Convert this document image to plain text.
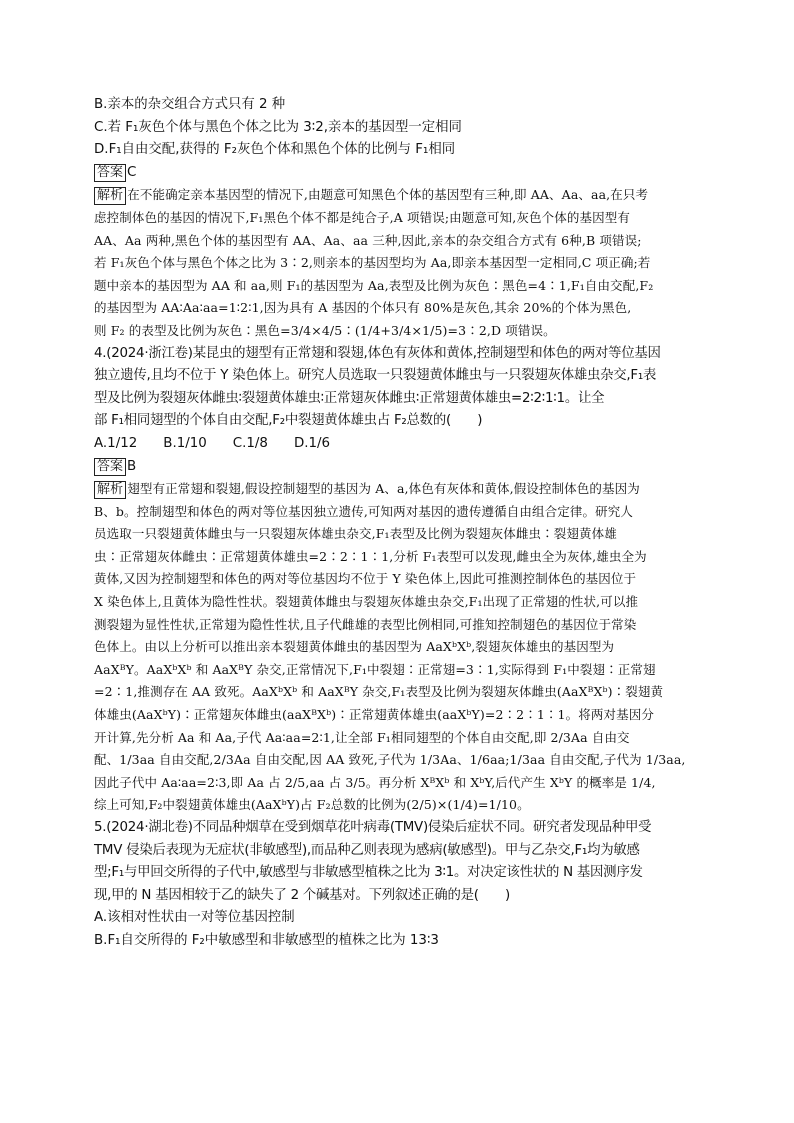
B.亲本的杂交组合方式只有 2 种

C.若 F₁灰色个体与黑色个体之比为 3∶2,亲本的基因型一定相同

D.F₁自由交配,获得的 F₂灰色个体和黑色个体的比例与 F₁相同

答案 C

解析 在不能确定亲本基因型的情况下,由题意可知黑色个体的基因型有三种,即 AA、Aa、aa,在只考

虑控制体色的基因的情况下,F₁黑色个体不都是纯合子,A 项错误;由题意可知,灰色个体的基因型有

AA、Aa 两种,黑色个体的基因型有 AA、Aa、aa 三种,因此,亲本的杂交组合方式有 6种,B 项错误;

若 F₁灰色个体与黑色个体之比为 3∶2,则亲本的基因型均为 Aa,即亲本基因型一定相同,C 项正确;若

题中亲本的基因型为 AA 和 aa,则 F₁的基因型为 Aa,表型及比例为灰色∶黑色=4∶1,F₁自由交配,F₂

的基因型为 AA∶Aa∶aa=1∶2∶1,因为具有 A 基因的个体只有 80%是灰色,其余 20%的个体为黑色,

则 F₂ 的表型及比例为灰色∶黑色=3/4×4/5∶(1/4+3/4×1/5)=3∶2,D 项错误。

4.(2024·浙江卷)某昆虫的翅型有正常翅和裂翅,体色有灰体和黄体,控制翅型和体色的两对等位基因

独立遗传,且均不位于 Y 染色体上。研究人员选取一只裂翅黄体雌虫与一只裂翅灰体雄虫杂交,F₁表

型及比例为裂翅灰体雌虫∶裂翅黄体雄虫∶正常翅灰体雌虫∶正常翅黄体雄虫=2∶2∶1∶1。让全

部 F₁相同翅型的个体自由交配,F₂中裂翅黄体雄虫占 F₂总数的(　　)

A.1/12 B.1/10 C.1/8 D.1/6

答案 B

解析 翅型有正常翅和裂翅,假设控制翅型的基因为 A、a,体色有灰体和黄体,假设控制体色的基因为

B、b。控制翅型和体色的两对等位基因独立遗传,可知两对基因的遗传遵循自由组合定律。研究人

员选取一只裂翅黄体雌虫与一只裂翅灰体雄虫杂交,F₁表型及比例为裂翅灰体雌虫∶裂翅黄体雄

虫∶正常翅灰体雌虫∶正常翅黄体雄虫=2∶2∶1∶1,分析 F₁表型可以发现,雌虫全为灰体,雄虫全为

黄体,又因为控制翅型和体色的两对等位基因均不位于 Y 染色体上,因此可推测控制体色的基因位于

X 染色体上,且黄体为隐性性状。裂翅黄体雌虫与裂翅灰体雄虫杂交,F₁出现了正常翅的性状,可以推

测裂翅为显性性状,正常翅为隐性性状,且子代雌雄的表型比例相同,可推知控制翅色的基因位于常染

色体上。由以上分析可以推出亲本裂翅黄体雌虫的基因型为 AaXᵇXᵇ,裂翅灰体雄虫的基因型为

AaXᴮY。AaXᵇXᵇ 和 AaXᴮY 杂交,正常情况下,F₁中裂翅∶正常翅=3∶1,实际得到 F₁中裂翅∶正常翅

=2∶1,推测存在 AA 致死。AaXᵇXᵇ 和 AaXᴮY 杂交,F₁表型及比例为裂翅灰体雌虫(AaXᴮXᵇ)∶裂翅黄

体雄虫(AaXᵇY)∶正常翅灰体雌虫(aaXᴮXᵇ)∶正常翅黄体雄虫(aaXᵇY)=2∶2∶1∶1。将两对基因分

开计算,先分析 Aa 和 Aa,子代 Aa∶aa=2∶1,让全部 F₁相同翅型的个体自由交配,即 2/3Aa 自由交

配、1/3aa 自由交配,2/3Aa 自由交配,因 AA 致死,子代为 1/3Aa、1/6aa;1/3aa 自由交配,子代为 1/3aa,

因此子代中 Aa∶aa=2∶3,即 Aa 占 2/5,aa 占 3/5。再分析 XᴮXᵇ 和 XᵇY,后代产生 XᵇY 的概率是 1/4,

综上可知,F₂中裂翅黄体雄虫(AaXᵇY)占 F₂总数的比例为(2/5)×(1/4)=1/10。

5.(2024·湖北卷)不同品种烟草在受到烟草花叶病毒(TMV)侵染后症状不同。研究者发现品种甲受

TMV 侵染后表现为无症状(非敏感型),而品种乙则表现为感病(敏感型)。甲与乙杂交,F₁均为敏感

型;F₁与甲回交所得的子代中,敏感型与非敏感型植株之比为 3∶1。对决定该性状的 N 基因测序发

现,甲的 N 基因相较于乙的缺失了 2 个碱基对。下列叙述正确的是(　　)

A.该相对性状由一对等位基因控制

B.F₁自交所得的 F₂中敏感型和非敏感型的植株之比为 13∶3
